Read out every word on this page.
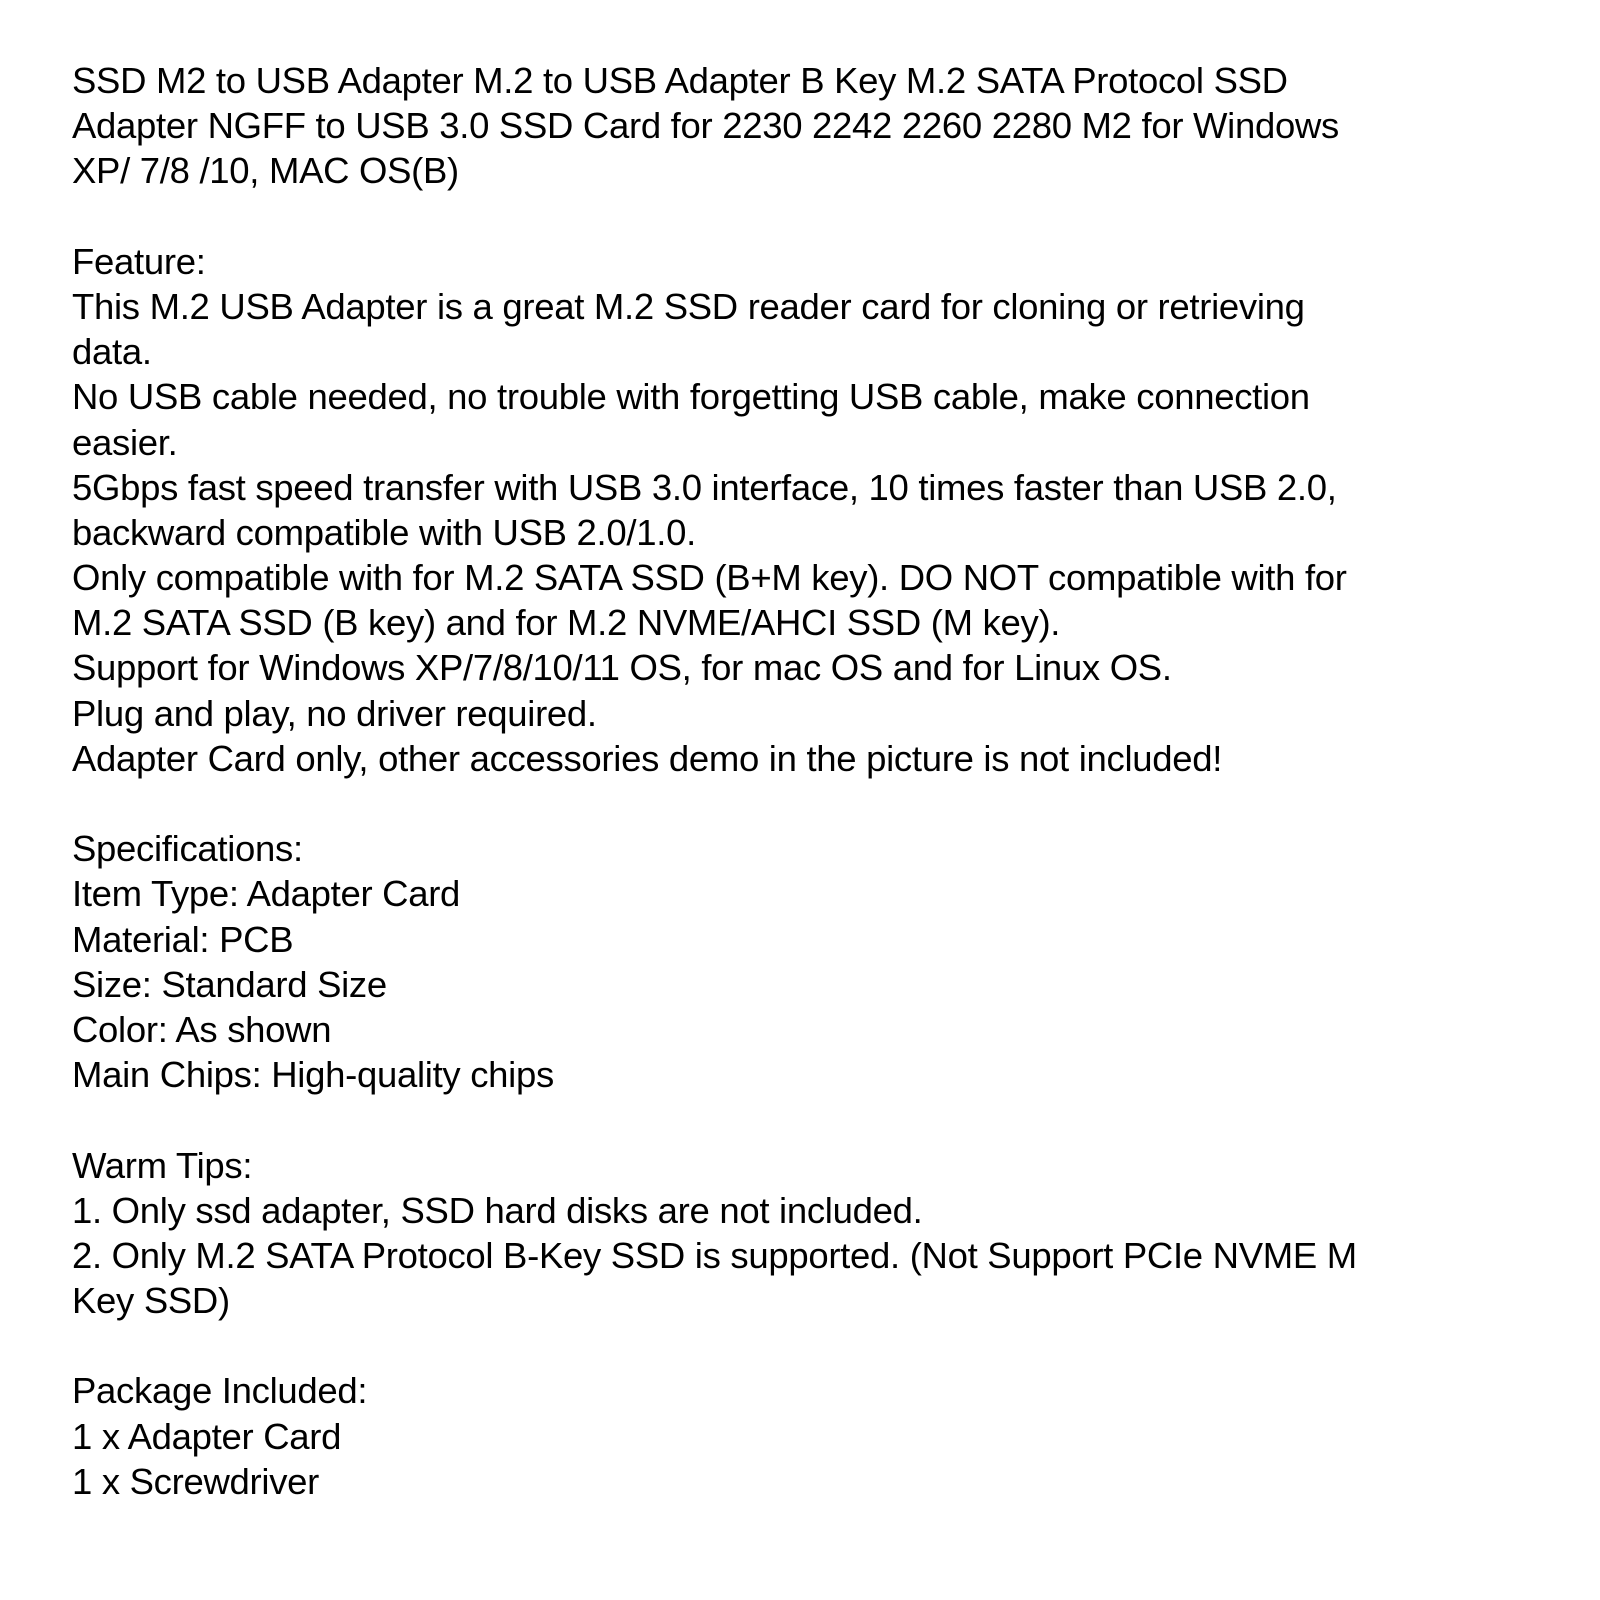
SSD M2 to USB Adapter M.2 to USB Adapter B Key M.2 SATA Protocol SSD
Adapter NGFF to USB 3.0 SSD Card for 2230 2242 2260 2280 M2 for Windows
XP/ 7/8 /10, MAC OS(B)
Feature:
This M.2 USB Adapter is a great M.2 SSD reader card for cloning or retrieving
data.
No USB cable needed, no trouble with forgetting USB cable, make connection
easier.
5Gbps fast speed transfer with USB 3.0 interface, 10 times faster than USB 2.0,
backward compatible with USB 2.0/1.0.
Only compatible with for M.2 SATA SSD (B+M key). DO NOT compatible with for
M.2 SATA SSD (B key) and for M.2 NVME/AHCI SSD (M key).
Support for Windows XP/7/8/10/11 OS, for mac OS and for Linux OS.
Plug and play, no driver required.
Adapter Card only, other accessories demo in the picture is not included!
Specifications:
Item Type: Adapter Card
Material: PCB
Size: Standard Size
Color: As shown
Main Chips: High-quality chips
Warm Tips:
1. Only ssd adapter, SSD hard disks are not included.
2. Only M.2 SATA Protocol B-Key SSD is supported. (Not Support PCIe NVME M
Key SSD)
Package Included:
1 x Adapter Card
1 x Screwdriver
